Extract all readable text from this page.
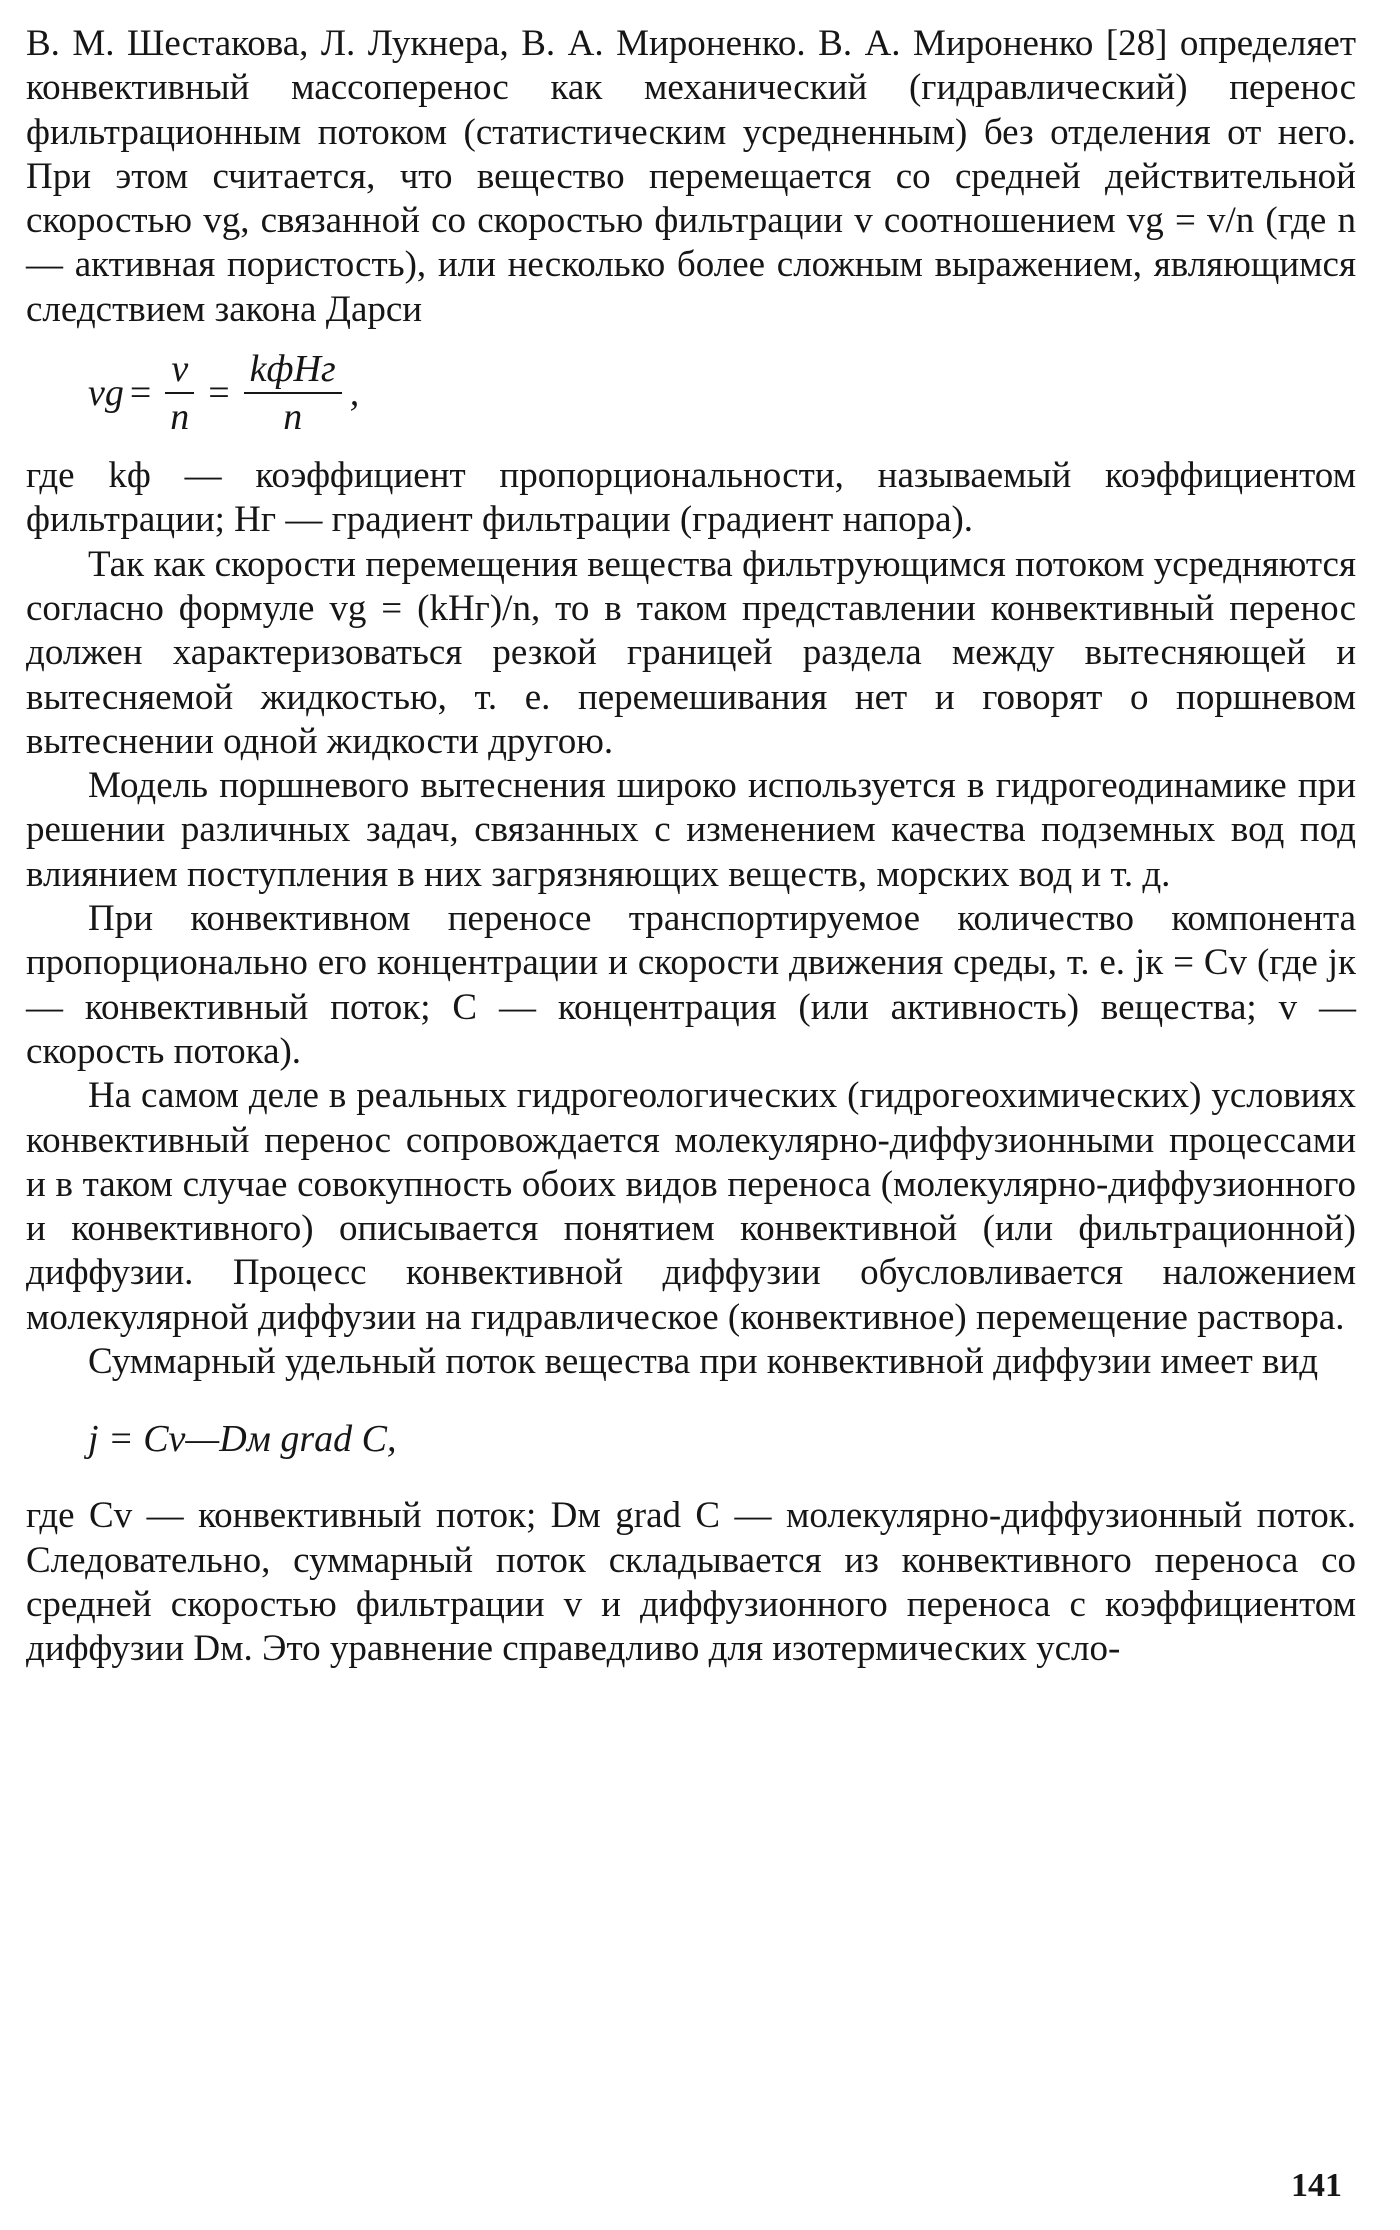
В. М. Шестакова, Л. Лукнера, В. А. Мироненко. В. А. Мироненко [28] определяет конвективный массоперенос как механический (гидравлический) перенос фильтрационным потоком (статистическим усредненным) без отделения от него. При этом считается, что вещество перемещается со средней действительной скоростью vg, связанной со скоростью фильтрации v соотношением vg = v/n (где n — активная пористость), или несколько более сложным выражением, являющимся следствием закона Дарси

vg = $\frac{v}{n} = \frac{\text{kфHг}}{n}$ ,

где kф — коэффициент пропорциональности, называемый коэффициентом фильтрации; Hг — градиент фильтрации (градиент напора).

Так как скорости перемещения вещества фильтрующимся потоком усредняются согласно формуле vg = (kHг)/n, то в таком представлении конвективный перенос должен характеризоваться резкой границей раздела между вытесняющей и вытесняемой жидкостью, т. е. перемешивания нет и говорят о поршневом вытеснении одной жидкости другою.

Модель поршневого вытеснения широко используется в гидрогеодинамике при решении различных задач, связанных с изменением качества подземных вод под влиянием поступления в них загрязняющих веществ, морских вод и т. д.

При конвективном переносе транспортируемое количество компонента пропорционально его концентрации и скорости движения среды, т. е. jк = Cv (где jк — конвективный поток; C — концентрация (или активность) вещества; v — скорость потока).

На самом деле в реальных гидрогеологических (гидрогеохимических) условиях конвективный перенос сопровождается молекулярно-диффузионными процессами и в таком случае совокупность обоих видов переноса (молекулярно-диффузионного и конвективного) описывается понятием конвективной (или фильтрационной) диффузии. Процесс конвективной диффузии обусловливается наложением молекулярной диффузии на гидравлическое (конвективное) перемещение раствора.

Суммарный удельный поток вещества при конвективной диффузии имеет вид

j = Cv—Dм grad C,

где Cv — конвективный поток; Dм grad C — молекулярно-диффузионный поток. Следовательно, суммарный поток складывается из конвективного переноса со средней скоростью фильтрации v и диффузионного переноса с коэффициентом диффузии Dм. Это уравнение справедливо для изотермических усло-

141
